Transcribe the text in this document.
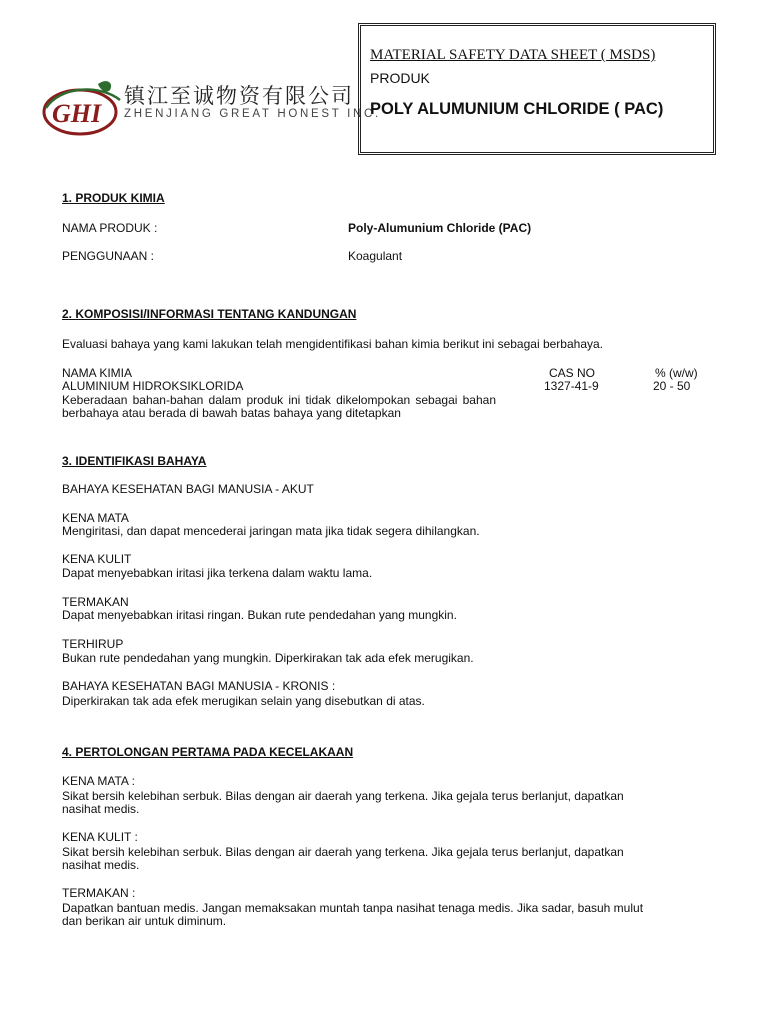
GHI
镇江至诚物资有限公司
ZHENJIANG GREAT HONEST INC.
MATERIAL SAFETY DATA SHEET ( MSDS)
PRODUK
POLY ALUMUNIUM CHLORIDE ( PAC)
1. PRODUK KIMIA
NAMA PRODUK :	Poly-Alumunium Chloride (PAC)
PENGGUNAAN :	Koagulant
2. KOMPOSISI/INFORMASI TENTANG KANDUNGAN
Evaluasi bahaya yang kami lakukan telah mengidentifikasi bahan kimia berikut ini sebagai berbahaya.
NAMA KIMIA	CAS NO	% (w/w)
ALUMINIUM HIDROKSIKLORIDA	1327-41-9	20 - 50
Keberadaan bahan-bahan dalam produk ini tidak dikelompokan sebagai bahan
berbahaya atau berada di bawah batas bahaya yang ditetapkan
3. IDENTIFIKASI BAHAYA
BAHAYA KESEHATAN BAGI MANUSIA - AKUT
KENA MATA
Mengiritasi, dan dapat mencederai jaringan mata jika tidak segera dihilangkan.
KENA KULIT
Dapat menyebabkan iritasi jika terkena dalam waktu lama.
TERMAKAN
Dapat menyebabkan iritasi ringan. Bukan rute pendedahan yang mungkin.
TERHIRUP
Bukan rute pendedahan yang mungkin. Diperkirakan tak ada efek merugikan.
BAHAYA KESEHATAN BAGI MANUSIA - KRONIS :
Diperkirakan tak ada efek merugikan selain yang disebutkan di atas.
4. PERTOLONGAN PERTAMA PADA KECELAKAAN
KENA MATA :
Sikat bersih kelebihan serbuk. Bilas dengan air daerah yang terkena. Jika gejala terus berlanjut, dapatkan
nasihat medis.
KENA KULIT :
Sikat bersih kelebihan serbuk. Bilas dengan air daerah yang terkena. Jika gejala terus berlanjut, dapatkan
nasihat medis.
TERMAKAN :
Dapatkan bantuan medis. Jangan memaksakan muntah tanpa nasihat tenaga medis. Jika sadar, basuh mulut
dan berikan air untuk diminum.
